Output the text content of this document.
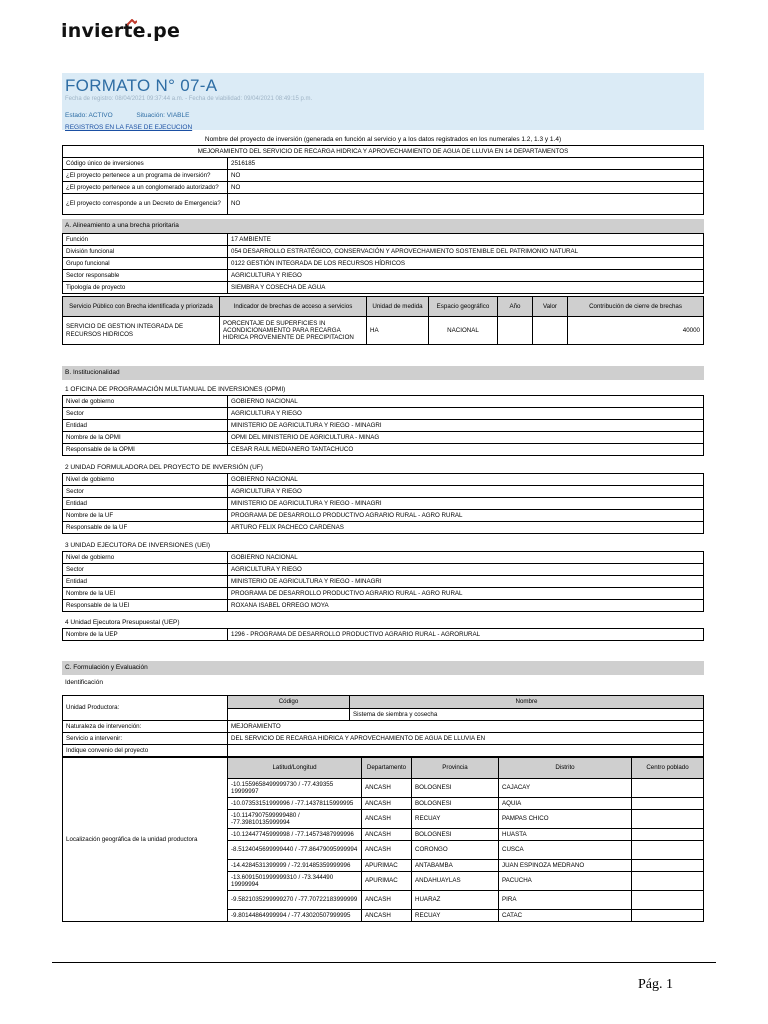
invierte.pe
FORMATO N° 07-A
Fecha de registro: 08/04/2021 09:37:44 a.m. - Fecha de viabilidad: 09/04/2021 08:49:15 p.m.
Estado: ACTIVO	Situación: VIABLE
REGISTROS EN LA FASE DE EJECUCION
Nombre del proyecto de inversión (generada en función al servicio y a los datos registrados en los numerales 1.2, 1.3 y 1.4)
MEJORAMIENTO DEL SERVICIO DE RECARGA HIDRICA Y APROVECHAMIENTO DE AGUA DE LLUVIA EN 14 DEPARTAMENTOS	
Código único de inversiones	2516185
¿El proyecto pertenece a un programa de inversión?	NO
¿El proyecto pertenece a un conglomerado autorizado?	NO
¿El proyecto corresponde a un Decreto de Emergencia?	NO
A. Alineamiento a una brecha prioritaria
Función	17 AMBIENTE
División funcional	054 DESARROLLO ESTRATÉGICO, CONSERVACIÓN Y APROVECHAMIENTO SOSTENIBLE DEL PATRIMONIO NATURAL
Grupo funcional	0122 GESTIÓN INTEGRADA DE LOS RECURSOS HÍDRICOS
Sector responsable	AGRICULTURA Y RIEGO
Tipología de proyecto	SIEMBRA Y COSECHA DE AGUA
Servicio Público con Brecha identificada y priorizada	Indicador de brechas de acceso a servicios	Unidad de medida	Espacio geográfico	Año	Valor	Contribución de cierre de brechas
SERVICIO DE GESTION INTEGRADA DE RECURSOS HIDRICOS	PORCENTAJE DE SUPERFICIES IN ACONDICIONAMIENTO PARA RECARGA HIDRICA PROVENIENTE DE PRECIPITACION	HA	NACIONAL			40000
B. Institucionalidad
1 OFICINA DE PROGRAMACIÓN MULTIANUAL DE INVERSIONES (OPMI)
Nivel de gobierno	GOBIERNO NACIONAL
Sector	AGRICULTURA Y RIEGO
Entidad	MINISTERIO DE AGRICULTURA Y RIEGO - MINAGRI
Nombre de la OPMI	OPMI DEL MINISTERIO DE AGRICULTURA - MINAG
Responsable de la OPMI	CESAR RAUL MEDIANERO TANTACHUCO
2 UNIDAD FORMULADORA DEL PROYECTO DE INVERSIÓN (UF)
Nivel de gobierno	GOBIERNO NACIONAL
Sector	AGRICULTURA Y RIEGO
Entidad	MINISTERIO DE AGRICULTURA Y RIEGO - MINAGRI
Nombre de la UF	PROGRAMA DE DESARROLLO PRODUCTIVO AGRARIO RURAL - AGRO RURAL
Responsable de la UF	ARTURO FELIX PACHECO CARDENAS
3 UNIDAD EJECUTORA DE INVERSIONES (UEI)
Nivel de gobierno	GOBIERNO NACIONAL
Sector	AGRICULTURA Y RIEGO
Entidad	MINISTERIO DE AGRICULTURA Y RIEGO - MINAGRI
Nombre de la UEI	PROGRAMA DE DESARROLLO PRODUCTIVO AGRARIO RURAL - AGRO RURAL
Responsable de la UEI	ROXANA ISABEL ORREGO MOYA
4 Unidad Ejecutora Presupuestal (UEP)
Nombre de la UEP	1296 - PROGRAMA DE DESARROLLO PRODUCTIVO AGRARIO RURAL - AGRORURAL
C. Formulación y Evaluación
Identificación
Unidad Productora:	Código	Nombre
		Sistema de siembra y cosecha
Naturaleza de intervención:	MEJORAMIENTO	
Servicio a intervenir:	DEL SERVICIO DE RECARGA HIDRICA Y APROVECHAMIENTO DE AGUA DE LLUVIA EN	
Indique convenio del proyecto		
Localización geográfica de la unidad productora	Latitud/Longitud	Departamento	Provincia	Distrito	Centro poblado
	-10.1559658499999730 / -77.439355 19999997	ANCASH	BOLOGNESI	CAJACAY	
	-10.07353151999996 / -77.14378115999995	ANCASH	BOLOGNESI	AQUIA	
	-10.1147907599999480 / -77.39810135999994	ANCASH	RECUAY	PAMPAS CHICO	
	-10.12447745999998 / -77.14573487999996	ANCASH	BOLOGNESI	HUASTA	
	-8.5124045699999440 / -77.86479095999994	ANCASH	CORONGO	CUSCA	
	-14.4284531399999 / -72.91485359999996	APURIMAC	ANTABAMBA	JUAN ESPINOZA MEDRANO	
	-13.6091501999999310 / -73.344490 19999994	APURIMAC	ANDAHUAYLAS	PACUCHA	
	-9.5821035299999270 / -77.70722183999999	ANCASH	HUARAZ	PIRA	
	-9.80144864999994 / -77.43020507999995	ANCASH	RECUAY	CATAC	
Pág. 1
